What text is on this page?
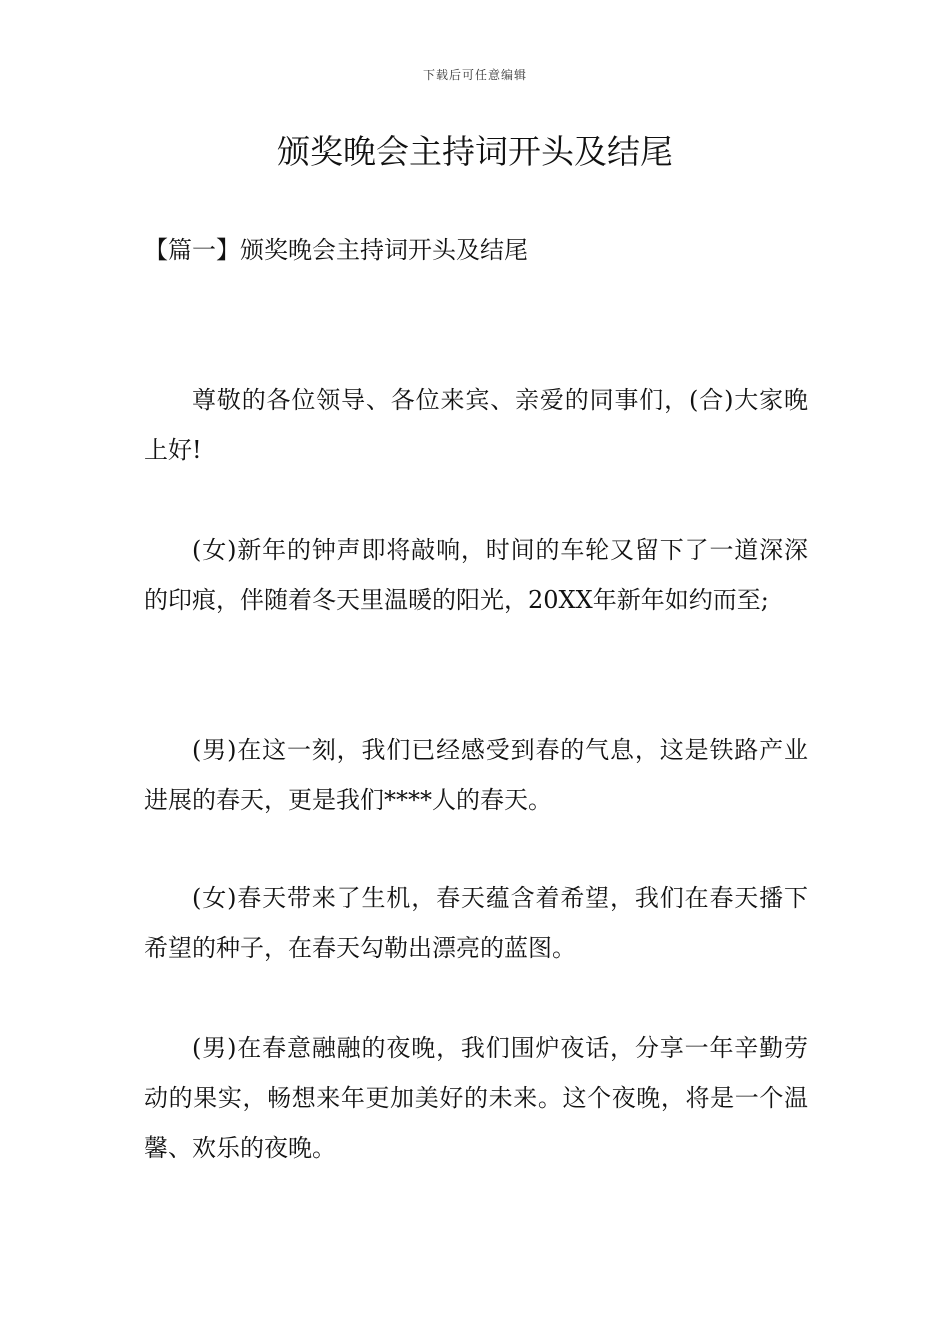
下载后可任意编辑
颁奖晚会主持词开头及结尾
【篇一】颁奖晚会主持词开头及结尾

尊敬的各位领导、各位来宾、亲爱的同事们，(合)大家晚上好!

(女)新年的钟声即将敲响，时间的车轮又留下了一道深深的印痕，伴随着冬天里温暖的阳光，20XX年新年如约而至;

(男)在这一刻，我们已经感受到春的气息，这是铁路产业进展的春天，更是我们****人的春天。

(女)春天带来了生机，春天蕴含着希望，我们在春天播下希望的种子，在春天勾勒出漂亮的蓝图。

(男)在春意融融的夜晚，我们围炉夜话，分享一年辛勤劳动的果实，畅想来年更加美好的未来。这个夜晚，将是一个温馨、欢乐的夜晚。
